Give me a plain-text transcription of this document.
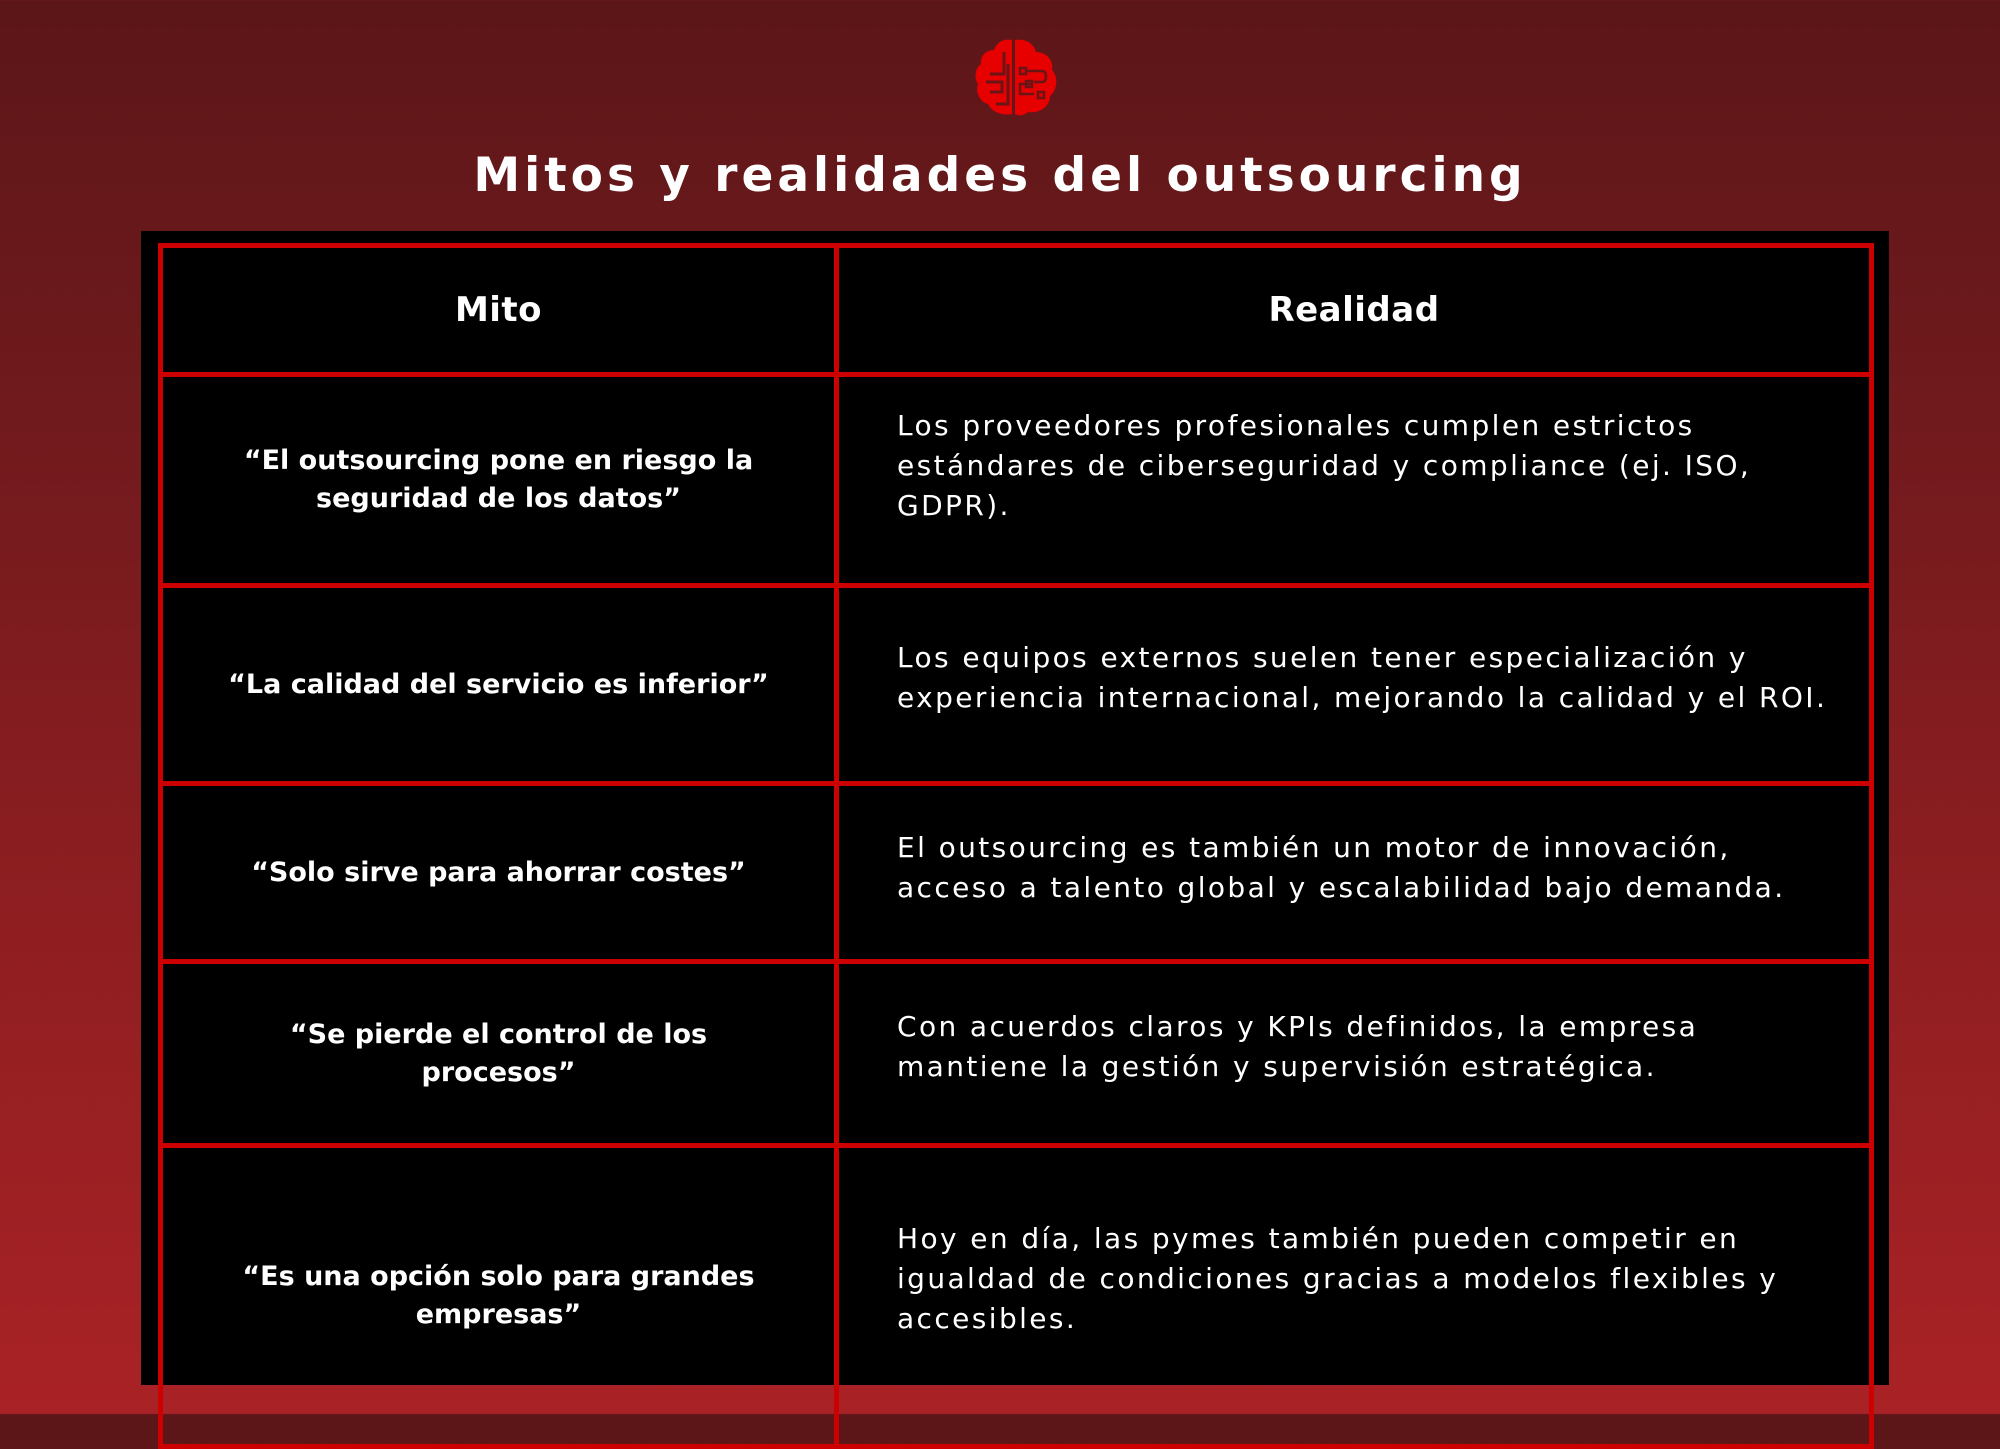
Mitos y realidades del outsourcing
Mito	Realidad
“El outsourcing pone en riesgo la seguridad de los datos”	Los proveedores profesionales cumplen estrictos estándares de ciberseguridad y compliance (ej. ISO, GDPR).
“La calidad del servicio es inferior”	Los equipos externos suelen tener especialización y experiencia internacional, mejorando la calidad y el ROI.
“Solo sirve para ahorrar costes”	El outsourcing es también un motor de innovación, acceso a talento global y escalabilidad bajo demanda.
“Se pierde el control de los procesos”	Con acuerdos claros y KPIs definidos, la empresa mantiene la gestión y supervisión estratégica.
“Es una opción solo para grandes empresas”	Hoy en día, las pymes también pueden competir en igualdad de condiciones gracias a modelos flexibles y accesibles.
